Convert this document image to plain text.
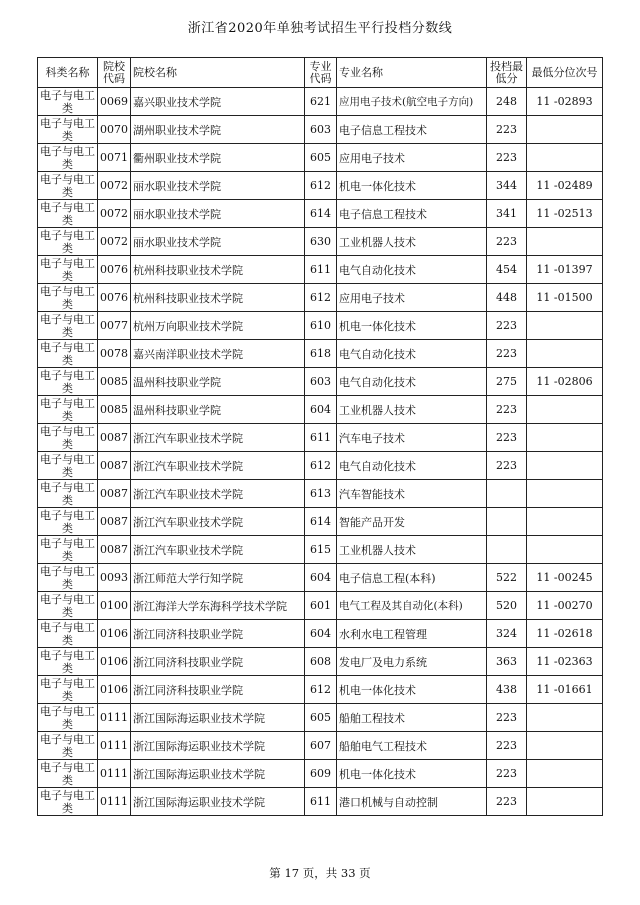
浙江省2020年单独考试招生平行投档分数线
科类名称	院校代码	院校名称	专业代码	专业名称	投档最低分	最低分位次号
电子与电工类	0069	嘉兴职业技术学院	621	应用电子技术(航空电子方向)	248	11 -02893
电子与电工类	0070	湖州职业技术学院	603	电子信息工程技术	223	
电子与电工类	0071	衢州职业技术学院	605	应用电子技术	223	
电子与电工类	0072	丽水职业技术学院	612	机电一体化技术	344	11 -02489
电子与电工类	0072	丽水职业技术学院	614	电子信息工程技术	341	11 -02513
电子与电工类	0072	丽水职业技术学院	630	工业机器人技术	223	
电子与电工类	0076	杭州科技职业技术学院	611	电气自动化技术	454	11 -01397
电子与电工类	0076	杭州科技职业技术学院	612	应用电子技术	448	11 -01500
电子与电工类	0077	杭州万向职业技术学院	610	机电一体化技术	223	
电子与电工类	0078	嘉兴南洋职业技术学院	618	电气自动化技术	223	
电子与电工类	0085	温州科技职业学院	603	电气自动化技术	275	11 -02806
电子与电工类	0085	温州科技职业学院	604	工业机器人技术	223	
电子与电工类	0087	浙江汽车职业技术学院	611	汽车电子技术	223	
电子与电工类	0087	浙江汽车职业技术学院	612	电气自动化技术	223	
电子与电工类	0087	浙江汽车职业技术学院	613	汽车智能技术		
电子与电工类	0087	浙江汽车职业技术学院	614	智能产品开发		
电子与电工类	0087	浙江汽车职业技术学院	615	工业机器人技术		
电子与电工类	0093	浙江师范大学行知学院	604	电子信息工程(本科)	522	11 -00245
电子与电工类	0100	浙江海洋大学东海科学技术学院	601	电气工程及其自动化(本科)	520	11 -00270
电子与电工类	0106	浙江同济科技职业学院	604	水利水电工程管理	324	11 -02618
电子与电工类	0106	浙江同济科技职业学院	608	发电厂及电力系统	363	11 -02363
电子与电工类	0106	浙江同济科技职业学院	612	机电一体化技术	438	11 -01661
电子与电工类	0111	浙江国际海运职业技术学院	605	船舶工程技术	223	
电子与电工类	0111	浙江国际海运职业技术学院	607	船舶电气工程技术	223	
电子与电工类	0111	浙江国际海运职业技术学院	609	机电一体化技术	223	
电子与电工类	0111	浙江国际海运职业技术学院	611	港口机械与自动控制	223	
第 17 页，共 33 页
